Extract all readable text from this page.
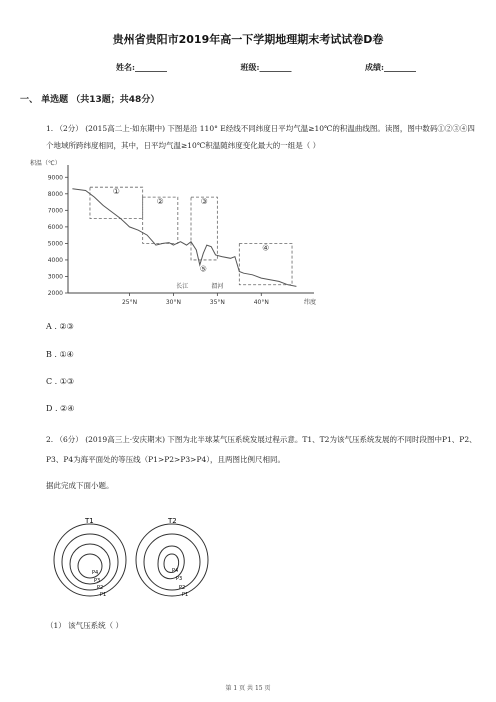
贵州省贵阳市2019年高一下学期地理期末考试试卷D卷
姓名:________	班级:________	成绩:________
一、 单选题 （共13题；共48分）
1. （2分） (2015高二上·如东期中) 下图是沿 110° E经线不同纬度日平均气温≥10℃的积温曲线图。读图，图中数码①②③④四个地域所跨纬度相同，其中，日平均气温≥10℃积温随纬度变化最大的一组是（ ）
积温（℃）
9000
8000
7000
6000
5000
4000
3000
2000
25°N	30°N	35°N	40°N	纬度
①
②	③
④
⑤
长江	渭河
A . ②③
B . ①④
C . ①③
D . ②④
2. （6分） (2019高三上·安庆期末) 下图为北半球某气压系统发展过程示意。T1、T2为该气压系统发展的不同时段图中P1、P2、P3、P4为海平面处的等压线（P1>P2>P3>P4），且两图比例尺相同。
据此完成下面小题。
T1
P4
P3
P2
P1
T2
P4
P3
P2
P1
（1） 该气压系统（ ）
第 1 页 共 15 页
